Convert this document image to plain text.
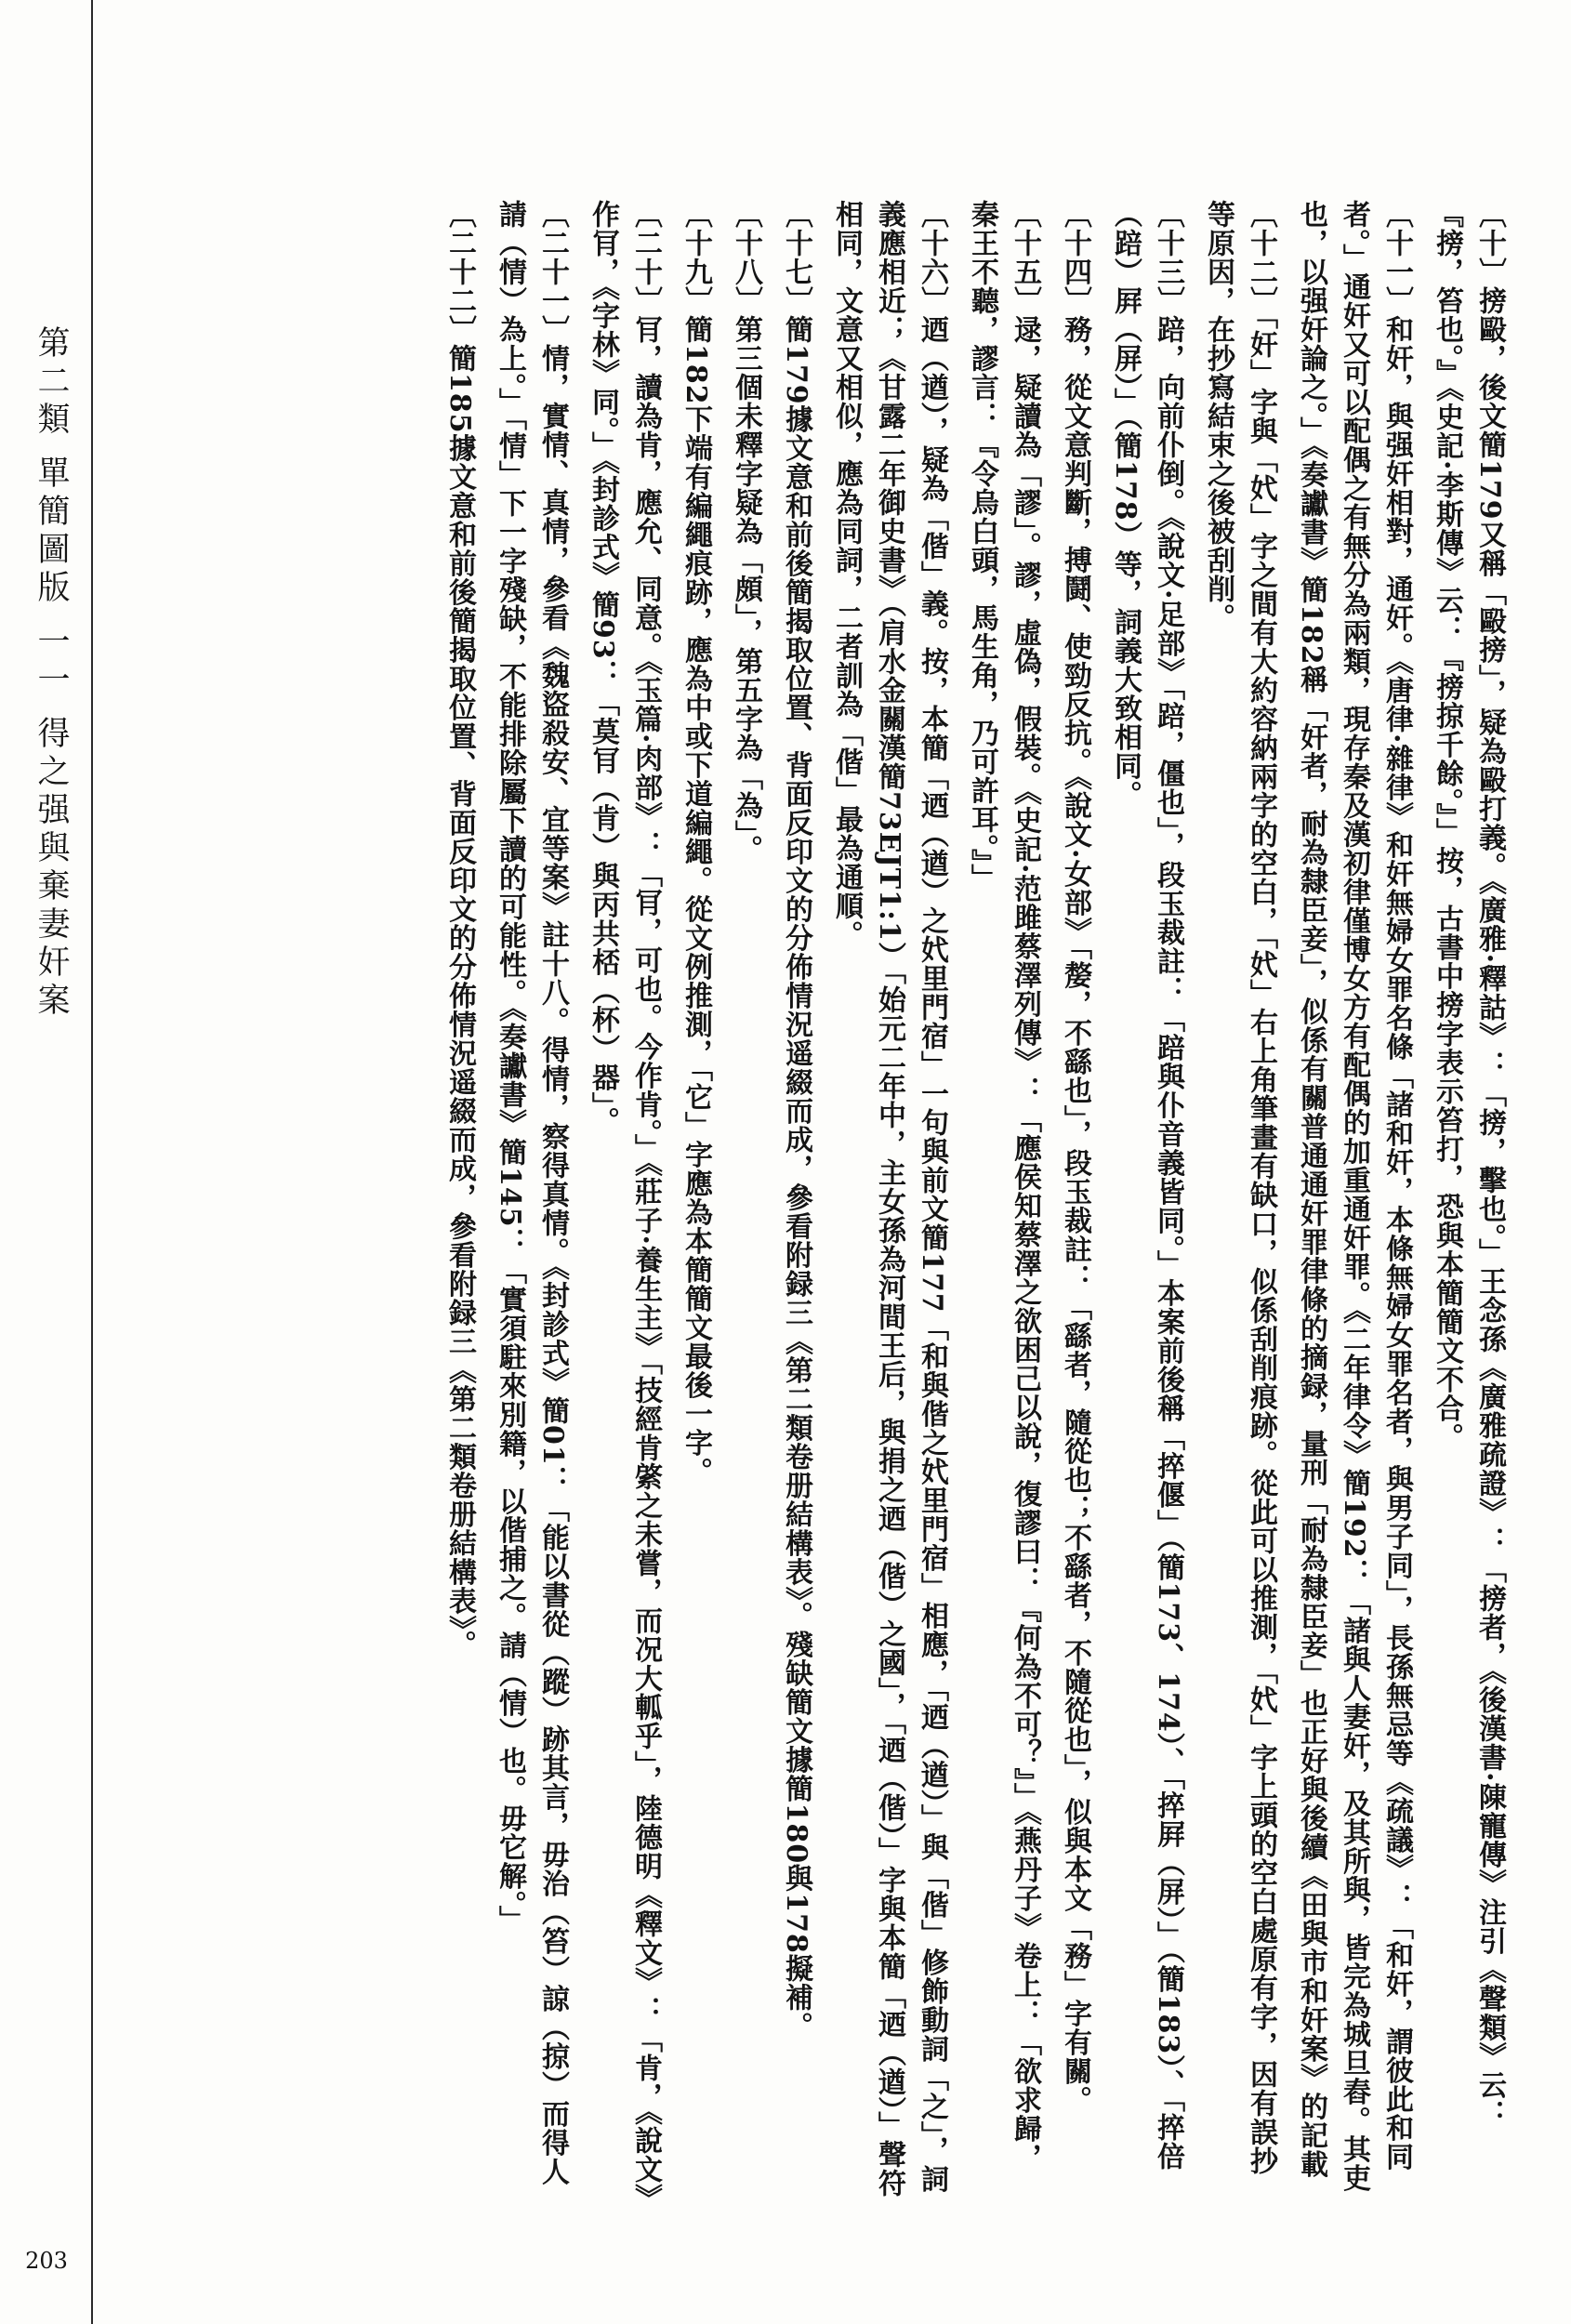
第二類 單簡圖版 一一 得之强與棄妻奸案
203
〔十〕搒毆，後文簡179又稱「毆搒」，疑為毆打義。《廣雅·釋詁》：「搒，擊也。」王念孫《廣雅疏證》：「搒者，《後漢書·陳寵傳》注引《聲類》云：『搒，笞也。』《史記·李斯傳》云：『搒掠千餘。』」按，古書中搒字表示笞打，恐與本簡簡文不合。
〔十一〕和奸，與强奸相對，通奸。《唐律·雜律》和奸無婦女罪名條「諸和奸，本條無婦女罪名者，與男子同」，長孫無忌等《疏議》：「和奸，謂彼此和同者。」通奸又可以配偶之有無分為兩類，現存秦及漢初律僅博女方有配偶的加重通奸罪。《二年律令》簡192：「諸與人妻奸，及其所與，皆完為城旦舂。其吏也，以强奸論之。」《奏讞書》簡182稱「奸者，耐為隸臣妾」，似係有關普通通奸罪律條的摘録，量刑「耐為隸臣妾」也正好與後續《田與市和奸案》的記載
〔十二〕「奸」字與「㚤」字之間有大約容納兩字的空白，「㚤」右上角筆畫有缺口，似係刮削痕跡。從此可以推測，「㚤」字上頭的空白處原有字，因有誤抄等原因，在抄寫結束之後被刮削。
〔十三〕踣，向前仆倒。《說文·足部》「踣，僵也」，段玉裁註：「踣與仆音義皆同。」本案前後稱「捽偃」（簡173、174）、「捽屛（屏）」（簡183）、「捽倍（踣）屛（屏）」（簡178）等，詞義大致相同。
〔十四〕務，從文意判斷，搏鬪、使勁反抗。《說文·女部》「嫠，不繇也」，段玉裁註：「繇者，隨從也；不繇者，不隨從也」，似與本文「務」字有關。
〔十五〕逯，疑讀為「謬」。謬，虛偽，假裝。《史記·范雎蔡澤列傳》：「應侯知蔡澤之欲困己以說，復謬曰：『何為不可？』」《燕丹子》卷上：「欲求歸，秦王不聽，謬言：『令烏白頭，馬生角，乃可許耳。』」
〔十六〕迺（遒），疑為「偕」義。按，本簡「迺（遒）之㚤里門宿」一句與前文簡177「和與偕之㚤里門宿」相應，「迺（遒）」與「偕」修飾動詞「之」，詞義應相近；《甘露二年御史書》（肩水金關漢簡73EJT1:1）「始元二年中，主女孫為河間王后，與捐之迺（偕）之國」，「迺（偕）」字與本簡「迺（遒）」聲符相同，文意又相似，應為同詞，二者訓為「偕」最為通順。
〔十七〕簡179據文意和前後簡揭取位置、背面反印文的分佈情況遥綴而成，參看附録三《第二類卷册結構表》。殘缺簡文據簡180與178擬補。
〔十八〕第三個未釋字疑為「頗」，第五字為「為」。
〔十九〕簡182下端有編繩痕跡，應為中或下道編繩。從文例推測，「它」字應為本簡簡文最後一字。
〔二十〕肎，讀為肯，應允、同意。《玉篇·肉部》：「肎，可也。今作肯。」《莊子·養生主》「技經肯綮之未嘗，而况大軱乎」，陸德明《釋文》：「肯，《說文》作肎，《字林》同。」《封診式》簡93：「莫肎（肯）與丙共桮（杯）器」。
〔二十一〕情，實情、真情，參看《魏盜殺安、宜等案》註十八。得情，察得真情。《封診式》簡01：「能以書從（蹤）跡其言，毋治（笞）諒（掠）而得人請（情）為上。」「情」下一字殘缺，不能排除屬下讀的可能性。《奏讞書》簡145：「實須駐來別籍，以偕捕之。請（情）也。毋它解。」
〔二十二〕簡185據文意和前後簡揭取位置、背面反印文的分佈情況遥綴而成，參看附録三《第二類卷册結構表》。
